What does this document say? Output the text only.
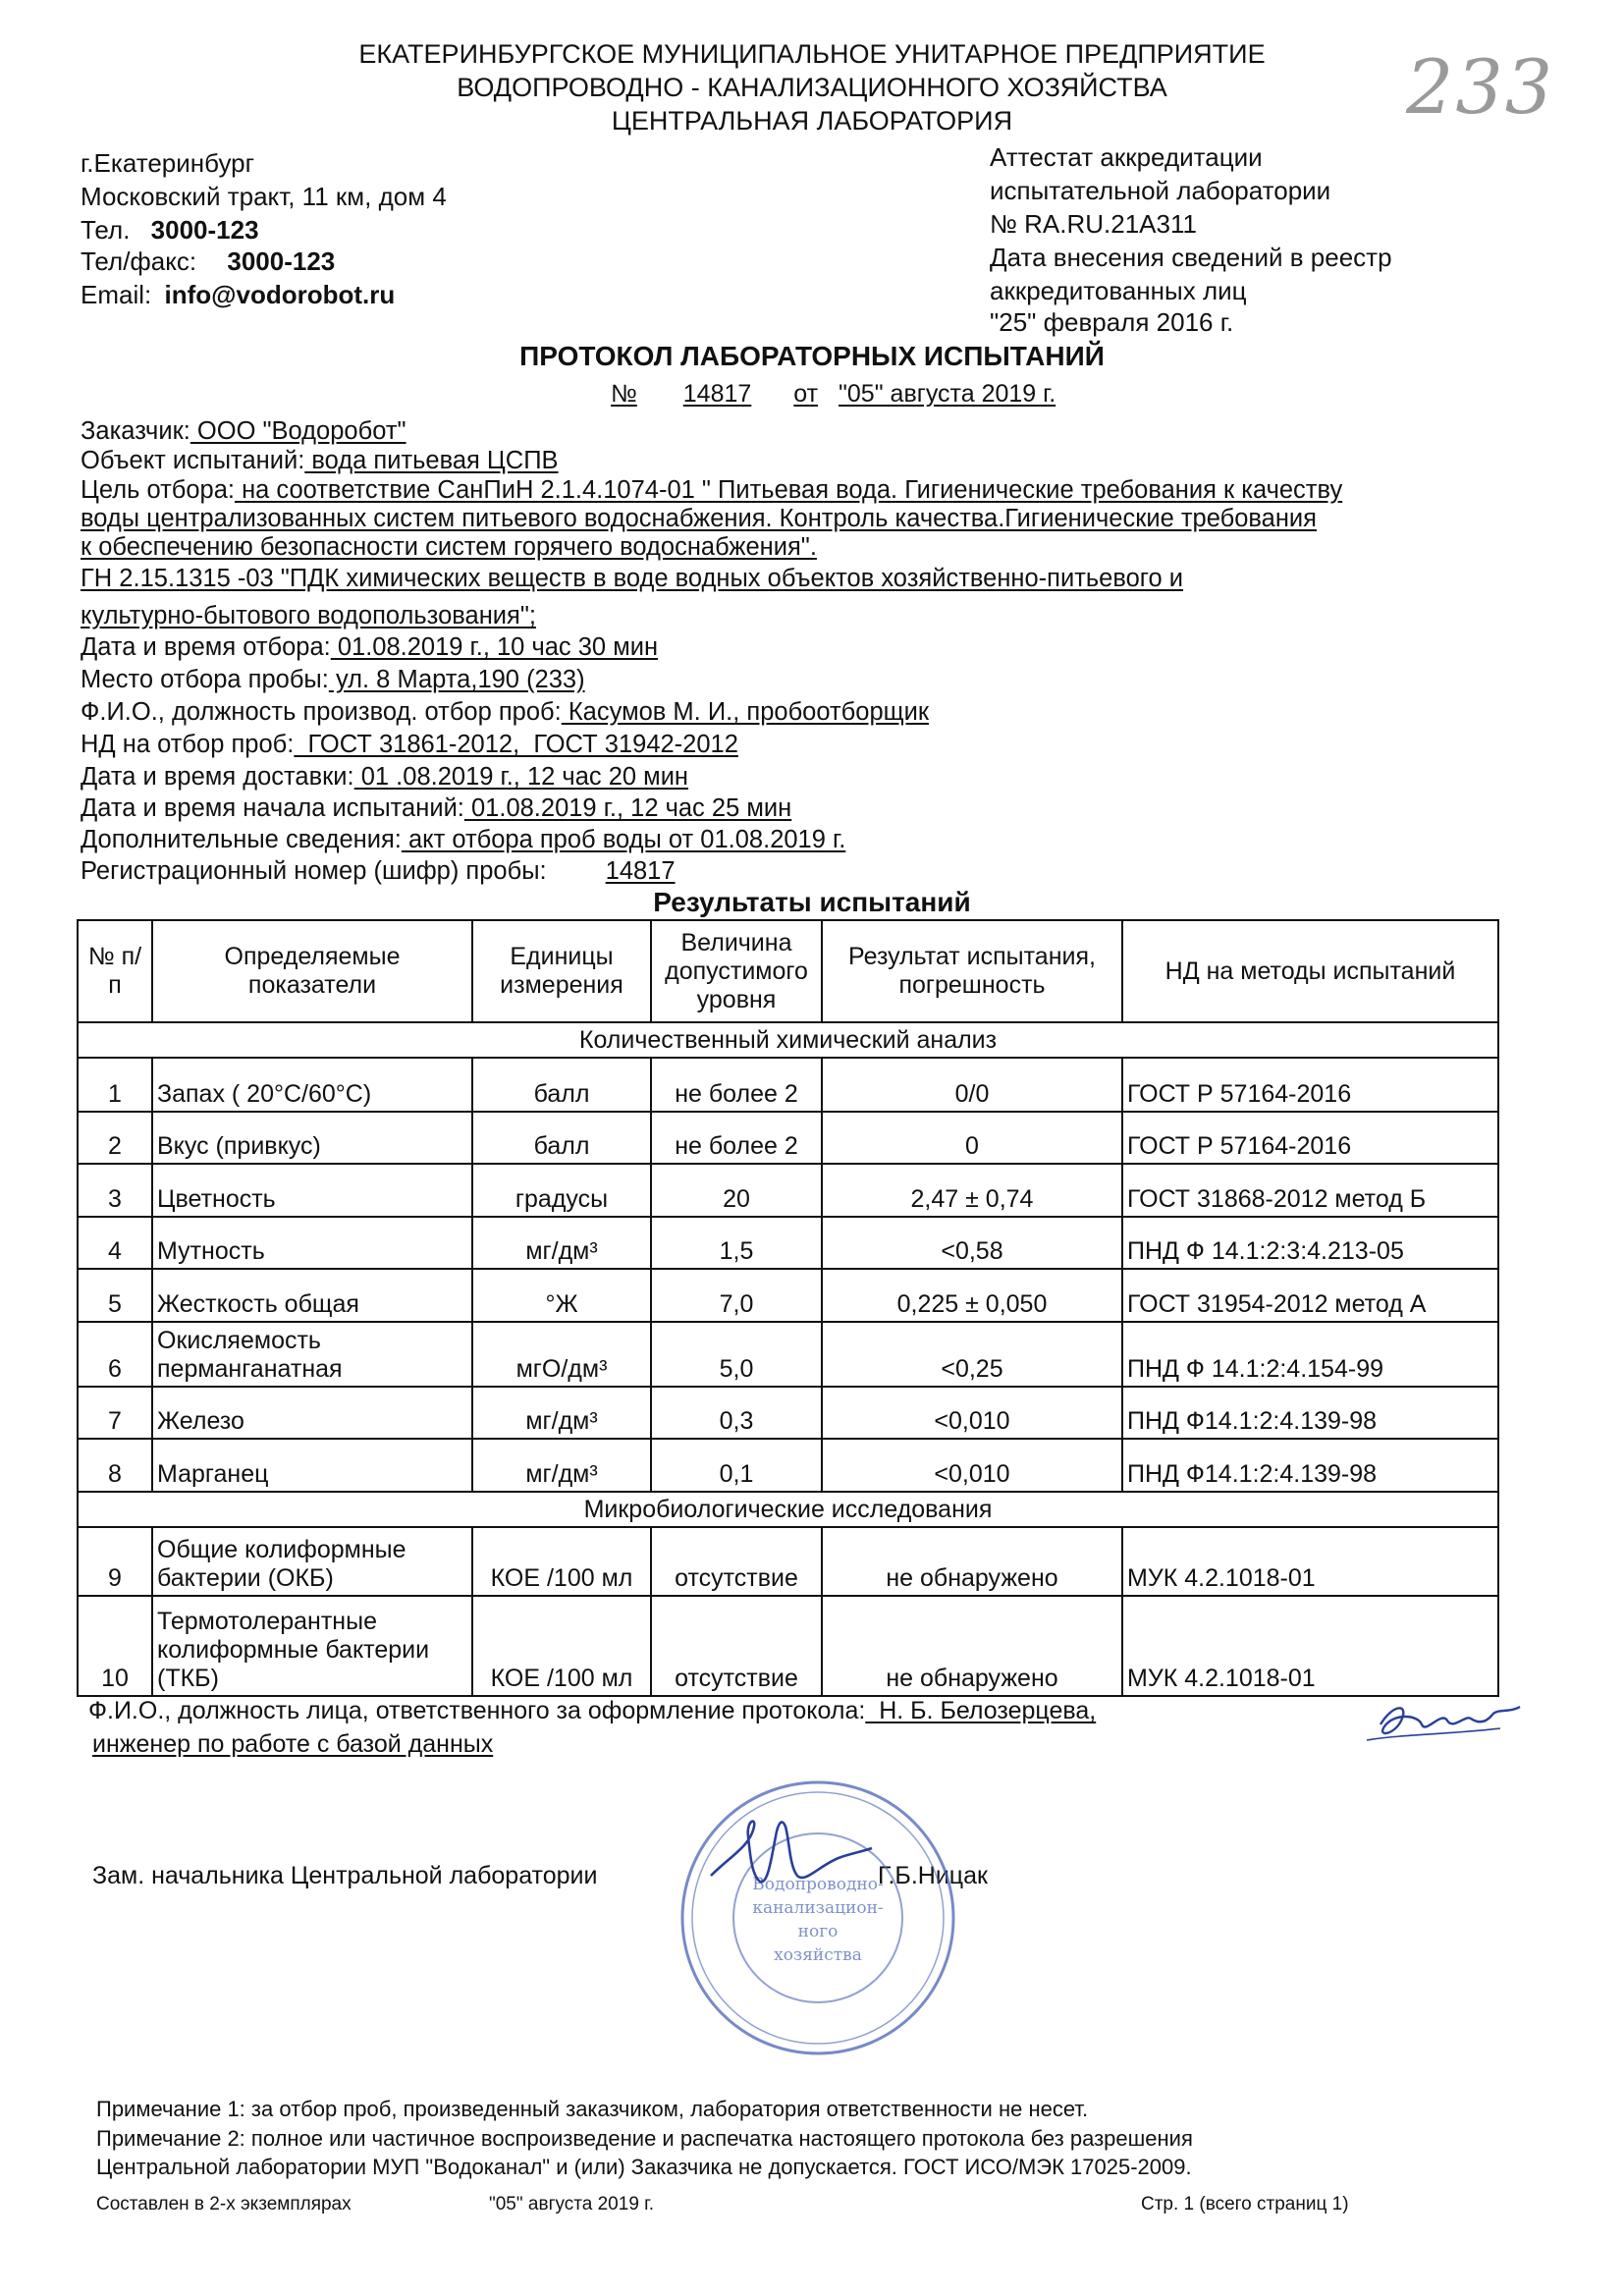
ЕКАТЕРИНБУРГСКОЕ МУНИЦИПАЛЬНОЕ УНИТАРНОЕ ПРЕДПРИЯТИЕ
ВОДОПРОВОДНО - КАНАЛИЗАЦИОННОГО ХОЗЯЙСТВА
ЦЕНТРАЛЬНАЯ ЛАБОРАТОРИЯ	233
г.Екатеринбург
Московский тракт, 11 км, дом 4
Тел. 3000-123
Тел/факс: 3000-123
Email: info@vodorobot.ru
Аттестат аккредитации
испытательной лаборатории
№ RA.RU.21A311
Дата внесения сведений в реестр
аккредитованных лиц
"25" февраля 2016 г.
ПРОТОКОЛ ЛАБОРАТОРНЫХ ИСПЫТАНИЙ
№ 14817 от "05" августа 2019 г.
Заказчик: ООО "Водоробот"
Объект испытаний: вода питьевая ЦСПВ
Цель отбора: на соответствие СанПиН 2.1.4.1074-01 " Питьевая вода. Гигиенические требования к качеству
воды централизованных систем питьевого водоснабжения. Контроль качества.Гигиенические требования
к обеспечению безопасности систем горячего водоснабжения".
ГН 2.15.1315 -03 "ПДК химических веществ в воде водных объектов хозяйственно-питьевого и
культурно-бытового водопользования";
Дата и время отбора: 01.08.2019 г., 10 час 30 мин
Место отбора пробы: ул. 8 Марта,190 (233)
Ф.И.О., должность производ. отбор проб: Касумов М. И., пробоотборщик
НД на отбор проб:  ГОСТ 31861-2012,  ГОСТ 31942-2012
Дата и время доставки: 01 .08.2019 г., 12 час 20 мин
Дата и время начала испытаний: 01.08.2019 г., 12 час 25 мин
Дополнительные сведения: акт отбора проб воды от 01.08.2019 г.
Регистрационный номер (шифр) пробы: 14817
Результаты испытаний
№ п/п	Определяемые показатели	Единицы измерения	Величина допустимого уровня	Результат испытания, погрешность	НД на методы испытаний
Количественный химический анализ					
1	Запах ( 20°С/60°С)	балл	не более 2	0/0	ГОСТ Р 57164-2016
2	Вкус (привкус)	балл	не более 2	0	ГОСТ Р 57164-2016
3	Цветность	градусы	20	2,47 ± 0,74	ГОСТ 31868-2012 метод Б
4	Мутность	мг/дм³	1,5	<0,58	ПНД Ф 14.1:2:3:4.213-05
5	Жесткость общая	°Ж	7,0	0,225 ± 0,050	ГОСТ 31954-2012 метод А
6	Окисляемость перманганатная	мгО/дм³	5,0	<0,25	ПНД Ф 14.1:2:4.154-99
7	Железо	мг/дм³	0,3	<0,010	ПНД Ф14.1:2:4.139-98
8	Марганец	мг/дм³	0,1	<0,010	ПНД Ф14.1:2:4.139-98
Микробиологические исследования					
9	Общие колиформные бактерии (ОКБ)	КОЕ /100 мл	отсутствие	не обнаружено	МУК 4.2.1018-01
10	Термотолерантные колиформные бактерии (ТКБ)	КОЕ /100 мл	отсутствие	не обнаружено	МУК 4.2.1018-01
Ф.И.О., должность лица, ответственного за оформление протокола:  Н. Б. Белозерцева,
инженер по работе с базой данных
Зам. начальника Центральной лаборатории	Г.Б.Ницак
Водопроводно-
канализацион-
ного
хозяйства
Примечание 1: за отбор проб, произведенный заказчиком, лаборатория ответственности не несет.
Примечание 2: полное или частичное воспроизведение и распечатка настоящего протокола без разрешения
Центральной лаборатории МУП "Водоканал" и (или) Заказчика не допускается. ГОСТ ИСО/МЭК 17025-2009.
Составлен в 2-х экземплярах	"05" августа 2019 г.	Стр. 1 (всего страниц 1)
